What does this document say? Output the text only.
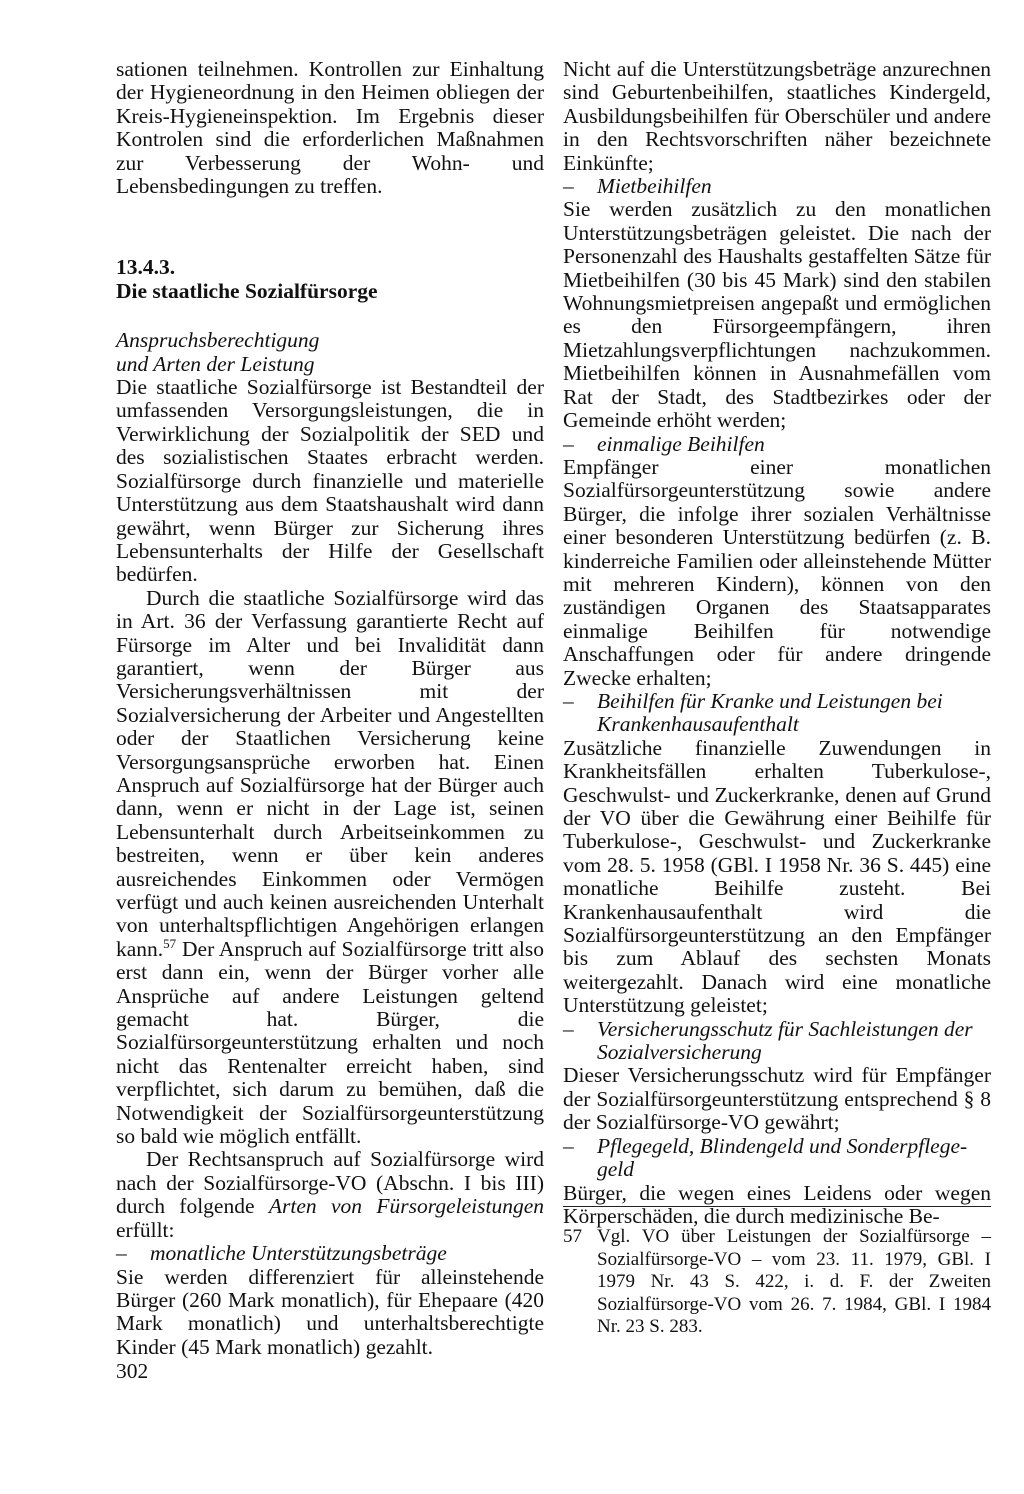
sationen teilnehmen. Kontrollen zur Einhaltung der Hygieneordnung in den Heimen obliegen der Kreis-Hygieneinspektion. Im Ergebnis dieser Kontrolen sind die erforderlichen Maßnahmen zur Verbesserung der Wohn- und Lebensbedingungen zu treffen.

13.4.3.

Die staatliche Sozialfürsorge

Anspruchsberechtigung

und Arten der Leistung

Die staatliche Sozialfürsorge ist Bestandteil der umfassenden Versorgungsleistungen, die in Verwirklichung der Sozialpolitik der SED und des sozialistischen Staates erbracht werden. Sozialfürsorge durch finanzielle und materielle Unterstützung aus dem Staatshaushalt wird dann gewährt, wenn Bürger zur Sicherung ihres Lebensunterhalts der Hilfe der Gesellschaft bedürfen.

Durch die staatliche Sozialfürsorge wird das in Art. 36 der Verfassung garantierte Recht auf Fürsorge im Alter und bei Invalidität dann garantiert, wenn der Bürger aus Versicherungsverhältnissen mit der Sozialversicherung der Arbeiter und Angestellten oder der Staatlichen Versicherung keine Versorgungsansprüche erworben hat. Einen Anspruch auf Sozialfürsorge hat der Bürger auch dann, wenn er nicht in der Lage ist, seinen Lebensunterhalt durch Arbeitseinkommen zu bestreiten, wenn er über kein anderes ausreichendes Einkommen oder Vermögen verfügt und auch keinen ausreichenden Unterhalt von unterhaltspflichtigen Angehörigen erlangen kann.$^{57}$ Der Anspruch auf Sozialfürsorge tritt also erst dann ein, wenn der Bürger vorher alle Ansprüche auf andere Leistungen geltend gemacht hat. Bürger, die Sozialfürsorgeunterstützung erhalten und noch nicht das Rentenalter erreicht haben, sind verpflichtet, sich darum zu bemühen, daß die Notwendigkeit der Sozialfürsorgeunterstützung so bald wie möglich entfällt.

Der Rechtsanspruch auf Sozialfürsorge wird nach der Sozialfürsorge-VO (Abschn. I bis III) durch folgende Arten von Fürsorgeleistungen erfüllt:

– monatliche Unterstützungsbeträge

Sie werden differenziert für alleinstehende Bürger (260 Mark monatlich), für Ehepaare (420 Mark monatlich) und unterhaltsberechtigte Kinder (45 Mark monatlich) gezahlt.

Nicht auf die Unterstützungsbeträge anzurechnen sind Geburtenbeihilfen, staatliches Kindergeld, Ausbildungsbeihilfen für Oberschüler und andere in den Rechtsvorschriften näher bezeichnete Einkünfte;

– Mietbeihilfen

Sie werden zusätzlich zu den monatlichen Unterstützungsbeträgen geleistet. Die nach der Personenzahl des Haushalts gestaffelten Sätze für Mietbeihilfen (30 bis 45 Mark) sind den stabilen Wohnungsmietpreisen angepaßt und ermöglichen es den Fürsorgeempfängern, ihren Mietzahlungsverpflichtungen nachzukommen. Mietbeihilfen können in Ausnahmefällen vom Rat der Stadt, des Stadtbezirkes oder der Gemeinde erhöht werden;

– einmalige Beihilfen

Empfänger einer monatlichen Sozialfürsorgeunterstützung sowie andere Bürger, die infolge ihrer sozialen Verhältnisse einer besonderen Unterstützung bedürfen (z. B. kinderreiche Familien oder alleinstehende Mütter mit mehreren Kindern), können von den zuständigen Organen des Staatsapparates einmalige Beihilfen für notwendige Anschaffungen oder für andere dringende Zwecke erhalten;

– Beihilfen für Kranke und Leistungen bei
Krankenhausaufenthalt

Zusätzliche finanzielle Zuwendungen in Krankheitsfällen erhalten Tuberkulose-, Geschwulst- und Zuckerkranke, denen auf Grund der VO über die Gewährung einer Beihilfe für Tuberkulose-, Geschwulst- und Zuckerkranke vom 28. 5. 1958 (GBl. I 1958 Nr. 36 S. 445) eine monatliche Beihilfe zusteht. Bei Krankenhausaufenthalt wird die Sozialfürsorgeunterstützung an den Empfänger bis zum Ablauf des sechsten Monats weitergezahlt. Danach wird eine monatliche Unterstützung geleistet;

– Versicherungsschutz für Sachleistungen der
Sozialversicherung

Dieser Versicherungsschutz wird für Empfänger der Sozialfürsorgeunterstützung entsprechend § 8 der Sozialfürsorge-VO gewährt;

– Pflegegeld, Blindengeld und Sonderpflege-
geld

Bürger, die wegen eines Leidens oder wegen Körperschäden, die durch medizinische Be-

57 Vgl. VO über Leistungen der Sozialfürsorge – Sozialfürsorge-VO – vom 23. 11. 1979, GBl. I 1979 Nr. 43 S. 422, i. d. F. der Zweiten Sozialfürsorge-VO vom 26. 7. 1984, GBl. I 1984 Nr. 23 S. 283.
302
